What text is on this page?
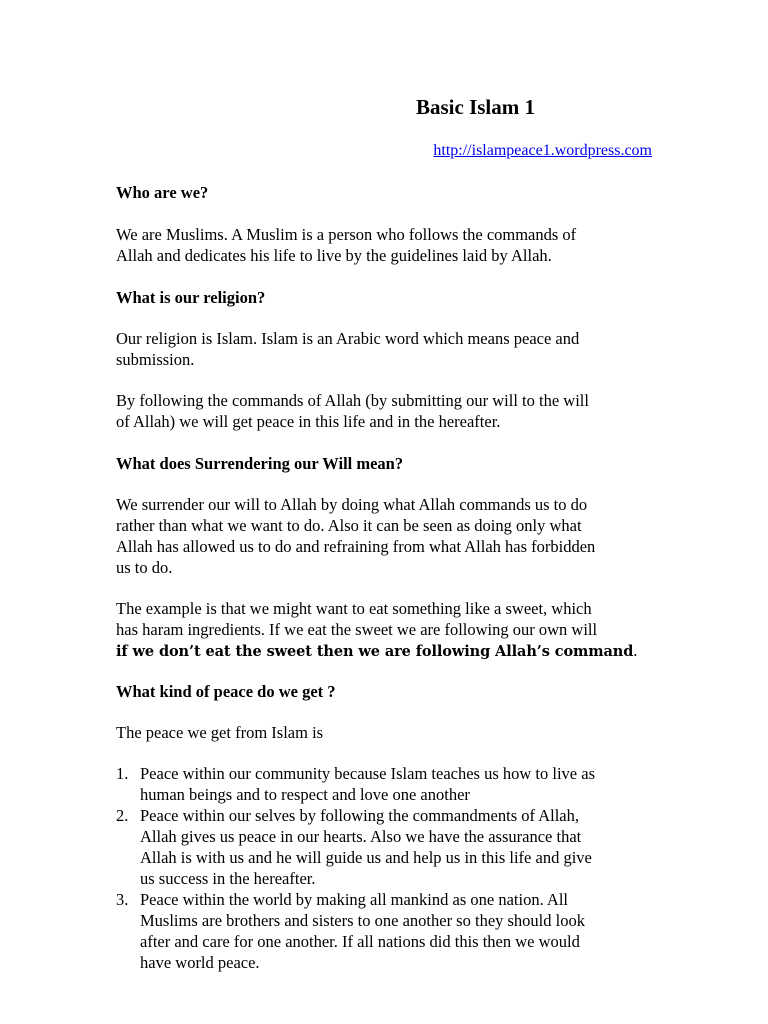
Basic Islam 1
http://islampeace1.wordpress.com

Who are we?

We are Muslims. A Muslim is a person who follows the commands of
Allah and dedicates his life to live by the guidelines laid by Allah.

What is our religion?

Our religion is Islam. Islam is an Arabic word which means peace and
submission.

By following the commands of Allah (by submitting our will to the will
of Allah) we will get peace in this life and in the hereafter.

What does Surrendering our Will mean?

We surrender our will to Allah by doing what Allah commands us to do
rather than what we want to do. Also it can be seen as doing only what
Allah has allowed us to do and refraining from what Allah has forbidden
us to do.

The example is that we might want to eat something like a sweet, which
has haram ingredients. If we eat the sweet we are following our own will
if we don’t eat the sweet then we are following Allah’s command.

What kind of peace do we get ?

The peace we get from Islam is

1. Peace within our community because Islam teaches us how to live as
human beings and to respect and love one another
2. Peace within our selves by following the commandments of Allah,
Allah gives us peace in our hearts. Also we have the assurance that
Allah is with us and he will guide us and help us in this life and give
us success in the hereafter.
3. Peace within the world by making all mankind as one nation. All
Muslims are brothers and sisters to one another so they should look
after and care for one another. If all nations did this then we would
have world peace.
